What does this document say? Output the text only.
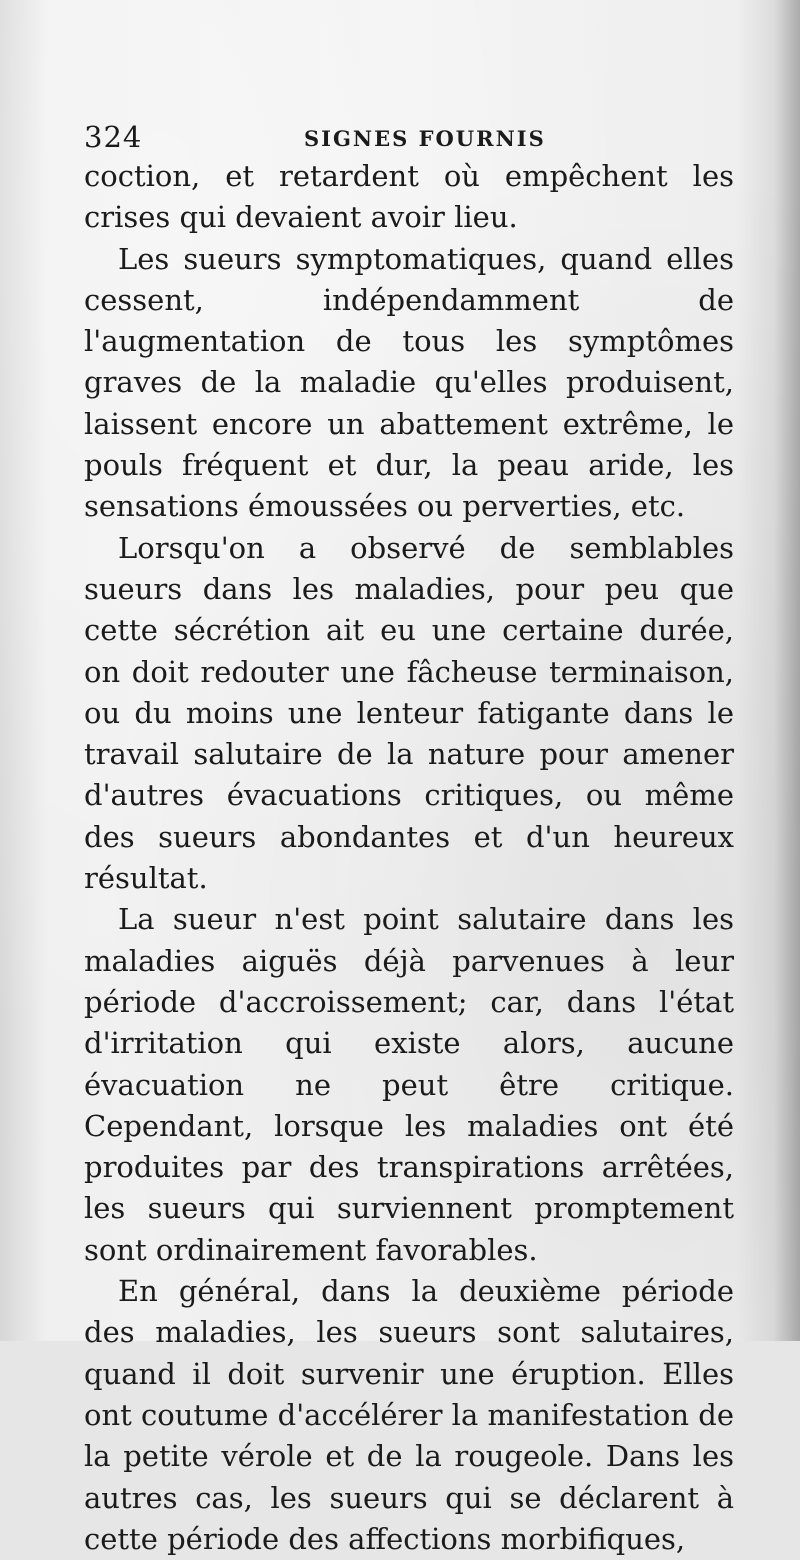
324	SIGNES FOURNIS

coction, et retardent où empêchent les crises qui devaient avoir lieu.

Les sueurs symptomatiques, quand elles cessent, indépendamment de l'augmentation de tous les symptômes graves de la maladie qu'elles produisent, laissent encore un abattement extrême, le pouls fréquent et dur, la peau aride, les sensations émoussées ou perverties, etc.

Lorsqu'on a observé de semblables sueurs dans les maladies, pour peu que cette sécrétion ait eu une certaine durée, on doit redouter une fâcheuse terminaison, ou du moins une lenteur fatigante dans le travail salutaire de la nature pour amener d'autres évacuations critiques, ou même des sueurs abondantes et d'un heureux résultat.

La sueur n'est point salutaire dans les maladies aiguës déjà parvenues à leur période d'accroissement; car, dans l'état d'irritation qui existe alors, aucune évacuation ne peut être critique. Cependant, lorsque les maladies ont été produites par des transpirations arrêtées, les sueurs qui surviennent promptement sont ordinairement favorables.

En général, dans la deuxième période des maladies, les sueurs sont salutaires, quand il doit survenir une éruption. Elles ont coutume d'accélérer la manifestation de la petite vérole et de la rougeole. Dans les autres cas, les sueurs qui se déclarent à cette période des affections morbifiques,
